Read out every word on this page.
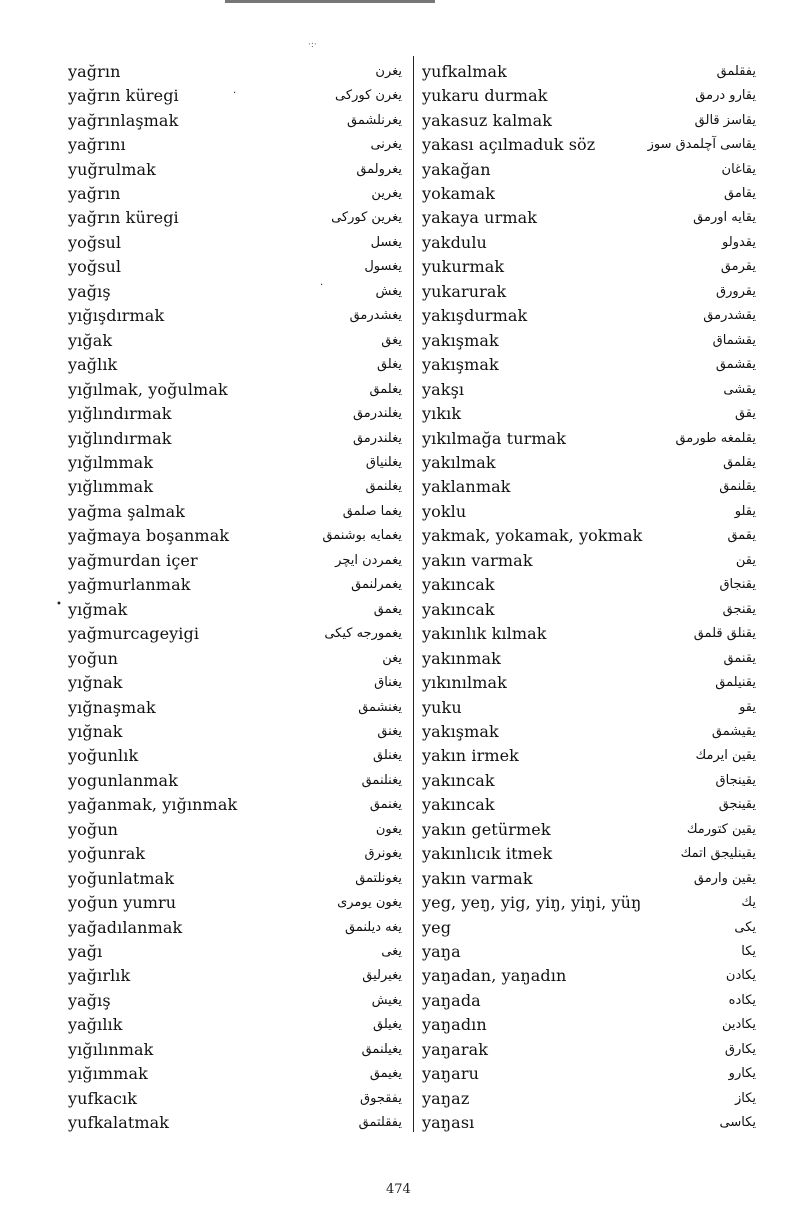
·:·
yağrın	یغرن
yağrın küregi	یغرن کورکی
yağrınlaşmak	یغرنلشمق
yağrını	یغرنی
yuğrulmak	یغرولمق
yağrın	یغرین
yağrın küregi	یغرین کورکی
yoğsul	یغسل
yoğsul	یغسول
yağış	یغش
yığışdırmak	یغشدرمق
yığak	یغق
yağlık	یغلق
yığılmak, yoğulmak	یغلمق
yığlındırmak	یغلندرمق
yığlındırmak	یغلندرمق
yığılmmak	یغلنیاق
yığlımmak	یغلنمق
yağma şalmak	یغما صلمق
yağmaya boşanmak	یغمایه بوشنمق
yağmurdan içer	یغمردن ایچر
yağmurlanmak	یغمرلنمق
yığmak	یغمق
yağmurcageyigi	یغمورجه کیکی
yoğun	یغن
yığnak	یغناق
yığnaşmak	یغنشمق
yığnak	یغنق
yoğunlık	یغنلق
yogunlanmak	یغنلنمق
yağanmak, yığınmak	یغنمق
yoğun	یغون
yoğunrak	یغونرق
yoğunlatmak	یغونلتمق
yoğun yumru	یغون یومری
yağadılanmak	یغه دیلنمق
yağı	یغی
yağırlık	یغیرلیق
yağış	یغیش
yağılık	یغیلق
yığılınmak	یغیلنمق
yığımmak	یغیمق
yufkacık	یفقجوق
yufkalatmak	یفقلتمق
yufkalmak	یفقلمق
yukaru durmak	یقارو درمق
yakasuz kalmak	یقاسز قالق
yakası açılmaduk söz	یقاسی آچلمدق سوز
yakağan	یقاغان
yokamak	یقامق
yakaya urmak	یقایه اورمق
yakdulu	یقدولو
yukurmak	یقرمق
yukarurak	یقرورق
yakışdurmak	یقشدرمق
yakışmak	یقشماق
yakışmak	یقشمق
yakşı	یقشی
yıkık	یقق
yıkılmağa turmak	یقلمغه طورمق
yakılmak	یقلمق
yaklanmak	یقلنمق
yoklu	یقلو
yakmak, yokamak, yokmak	یقمق
yakın varmak	یقن
yakıncak	یقنجاق
yakıncak	یقنجق
yakınlık kılmak	یقنلق قلمق
yakınmak	یقنمق
yıkınılmak	یقنیلمق
yuku	یقو
yakışmak	یقیشمق
yakın irmek	یقین ایرمك
yakıncak	یقینجاق
yakıncak	یقینجق
yakın getürmek	یقین کتورمك
yakınlıcık itmek	یقینلیجق اتمك
yakın varmak	یقین وارمق
yeg, yeŋ, yig, yiŋ, yiŋi, yüŋ	یك
yeg	یکی
yaŋa	یکا
yaŋadan, yaŋadın	یکادن
yaŋada	یکاده
yaŋadın	یکادین
yaŋarak	یکارق
yaŋaru	یکارو
yaŋaz	یکاز
yaŋası	یکاسی
·
•
·
474
